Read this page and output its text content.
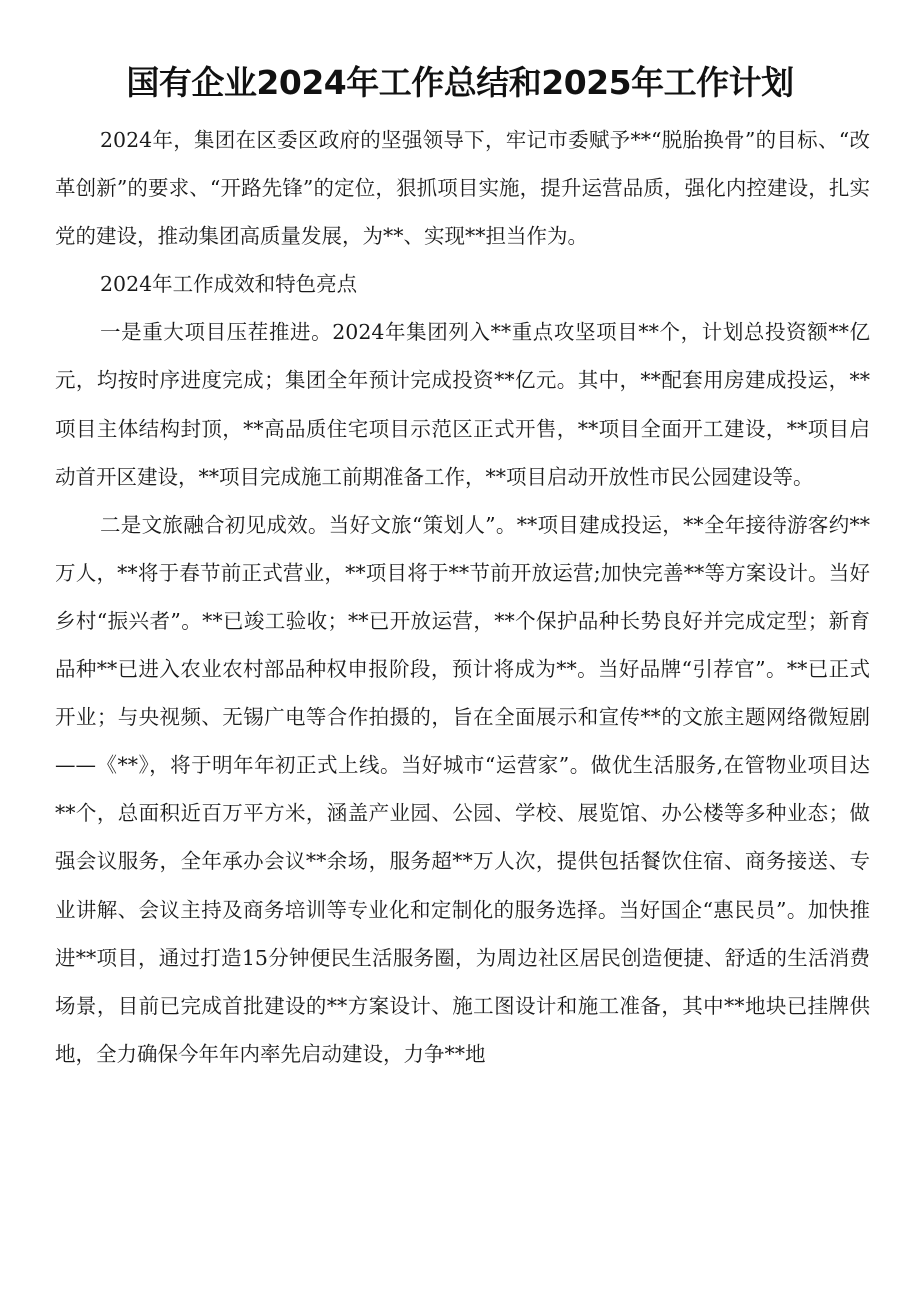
国有企业2024年工作总结和2025年工作计划

2024年，集团在区委区政府的坚强领导下，牢记市委赋予**“脱胎换骨”的目标、“改革创新”的要求、“开路先锋”的定位，狠抓项目实施，提升运营品质，强化内控建设，扎实党的建设，推动集团高质量发展，为**、实现**担当作为。

2024年工作成效和特色亮点

一是重大项目压茬推进。2024年集团列入**重点攻坚项目**个，计划总投资额**亿元，均按时序进度完成；集团全年预计完成投资**亿元。其中，**配套用房建成投运，**项目主体结构封顶，**高品质住宅项目示范区正式开售，**项目全面开工建设，**项目启动首开区建设，**项目完成施工前期准备工作，**项目启动开放性市民公园建设等。

二是文旅融合初见成效。当好文旅“策划人”。**项目建成投运，**全年接待游客约**万人，**将于春节前正式营业，**项目将于**节前开放运营;加快完善**等方案设计。当好乡村“振兴者”。**已竣工验收；**已开放运营，**个保护品种长势良好并完成定型；新育品种**已进入农业农村部品种权申报阶段，预计将成为**。当好品牌“引荐官”。**已正式开业；与央视频、无锡广电等合作拍摄的，旨在全面展示和宣传**的文旅主题网络微短剧——《**》，将于明年年初正式上线。当好城市“运营家”。做优生活服务,在管物业项目达**个，总面积近百万平方米，涵盖产业园、公园、学校、展览馆、办公楼等多种业态；做强会议服务，全年承办会议**余场，服务超**万人次，提供包括餐饮住宿、商务接送、专业讲解、会议主持及商务培训等专业化和定制化的服务选择。当好国企“惠民员”。加快推进**项目，通过打造15分钟便民生活服务圈，为周边社区居民创造便捷、舒适的生活消费场景，目前已完成首批建设的**方案设计、施工图设计和施工准备，其中**地块已挂牌供地，全力确保今年年内率先启动建设，力争**地
